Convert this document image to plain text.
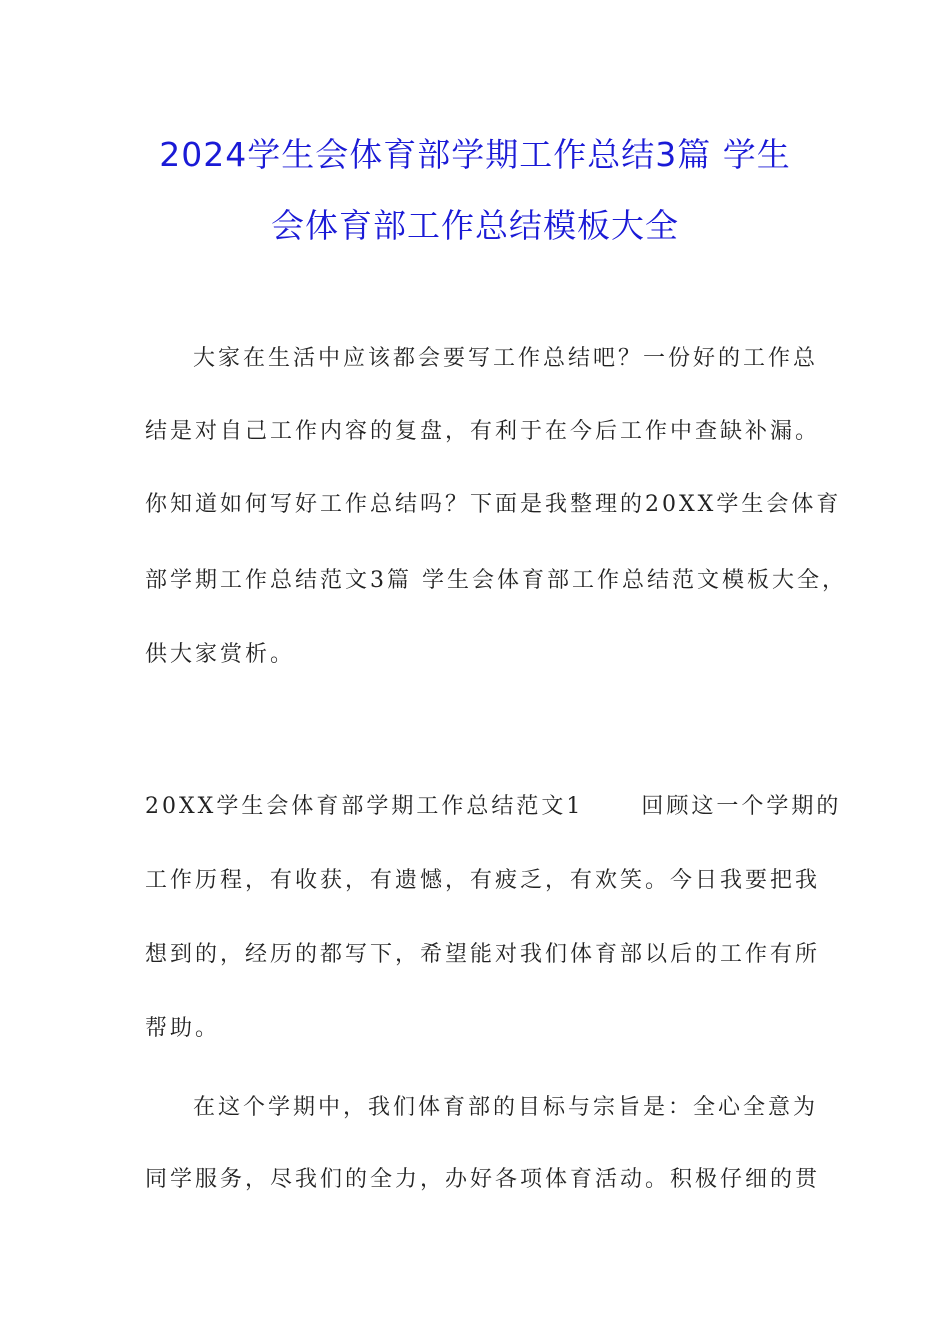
2024学生会体育部学期工作总结3篇 学生
会体育部工作总结模板大全
大家在生活中应该都会要写工作总结吧？一份好的工作总
结是对自己工作内容的复盘，有利于在今后工作中查缺补漏。
你知道如何写好工作总结吗？下面是我整理的20XX学生会体育
部学期工作总结范文3篇 学生会体育部工作总结范文模板大全，
供大家赏析。
20XX学生会体育部学期工作总结范文1	回顾这一个学期的
工作历程，有收获，有遗憾，有疲乏，有欢笑。今日我要把我
想到的，经历的都写下，希望能对我们体育部以后的工作有所
帮助。
在这个学期中，我们体育部的目标与宗旨是：全心全意为
同学服务，尽我们的全力，办好各项体育活动。积极仔细的贯
